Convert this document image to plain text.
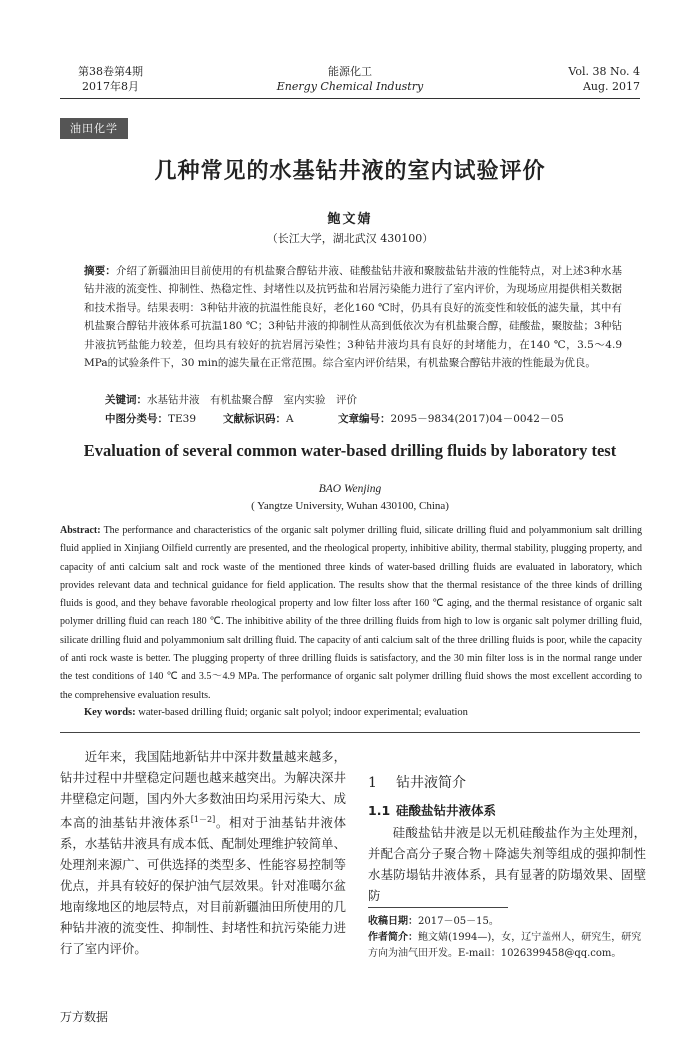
第38卷第4期
2017年8月
能源化工
Energy Chemical Industry
Vol. 38 No. 4
Aug. 2017
油田化学
几种常见的水基钻井液的室内试验评价
鲍文婧
（长江大学，湖北武汉 430100）
摘要：介绍了新疆油田目前使用的有机盐聚合醇钻井液、硅酸盐钻井液和聚胺盐钻井液的性能特点，对上述3种水基钻井液的流变性、抑制性、热稳定性、封堵性以及抗钙盐和岩屑污染能力进行了室内评价，为现场应用提供相关数据和技术指导。结果表明：3种钻井液的抗温性能良好，老化160 ℃时，仍具有良好的流变性和较低的滤失量，其中有机盐聚合醇钻井液体系可抗温180 ℃；3种钻井液的抑制性从高到低依次为有机盐聚合醇，硅酸盐，聚胺盐；3种钻井液抗钙盐能力较差，但均具有较好的抗岩屑污染性；3种钻井液均具有良好的封堵能力，在140 ℃，3.5～4.9 MPa的试验条件下，30 min的滤失量在正常范围。综合室内评价结果，有机盐聚合醇钻井液的性能最为优良。
关键词：水基钻井液　有机盐聚合醇　室内实验　评价
中图分类号：TE39	文献标识码：A	文章编号：2095－9834(2017)04－0042－05
Evaluation of several common water-based drilling fluids by laboratory test
BAO Wenjing
( Yangtze University, Wuhan 430100, China)
Abstract: The performance and characteristics of the organic salt polymer drilling fluid, silicate drilling fluid and polyammonium salt drilling fluid applied in Xinjiang Oilfield currently are presented, and the rheological property, inhibitive ability, thermal stability, plugging property, and capacity of anti calcium salt and rock waste of the mentioned three kinds of water-based drilling fluids are evaluated in laboratory, which provides relevant data and technical guidance for field application. The results show that the thermal resistance of the three kinds of drilling fluids is good, and they behave favorable rheological property and low filter loss after 160 ℃ aging, and the thermal resistance of organic salt polymer drilling fluid can reach 180 ℃. The inhibitive ability of the three drilling fluids from high to low is organic salt polymer drilling fluid, silicate drilling fluid and polyammonium salt drilling fluid. The capacity of anti calcium salt of the three drilling fluids is poor, while the capacity of anti rock waste is better. The plugging property of three drilling fluids is satisfactory, and the 30 min filter loss is in the normal range under the test conditions of 140 ℃ and 3.5～4.9 MPa. The performance of organic salt polymer drilling fluid shows the most excellent according to the comprehensive evaluation results.
Key words: water-based drilling fluid; organic salt polyol; indoor experimental; evaluation
近年来，我国陆地新钻井中深井数量越来越多，钻井过程中井壁稳定问题也越来越突出。为解决深井井壁稳定问题，国内外大多数油田均采用污染大、成本高的油基钻井液体系[1－2]。相对于油基钻井液体系，水基钻井液具有成本低、配制处理维护较简单、处理剂来源广、可供选择的类型多、性能容易控制等优点，并具有较好的保护油气层效果。针对准噶尔盆地南缘地区的地层特点，对目前新疆油田所使用的几种钻井液的流变性、抑制性、封堵性和抗污染能力进行了室内评价。
1 钻井液简介
1.1 硅酸盐钻井液体系
硅酸盐钻井液是以无机硅酸盐作为主处理剂，并配合高分子聚合物＋降滤失剂等组成的强抑制性水基防塌钻井液体系，具有显著的防塌效果、固壁防
收稿日期：2017－05－15。
作者简介：鲍文婧(1994—)，女，辽宁盖州人，研究生，研究方向为油气田开发。E-mail：1026399458@qq.com。
万方数据
